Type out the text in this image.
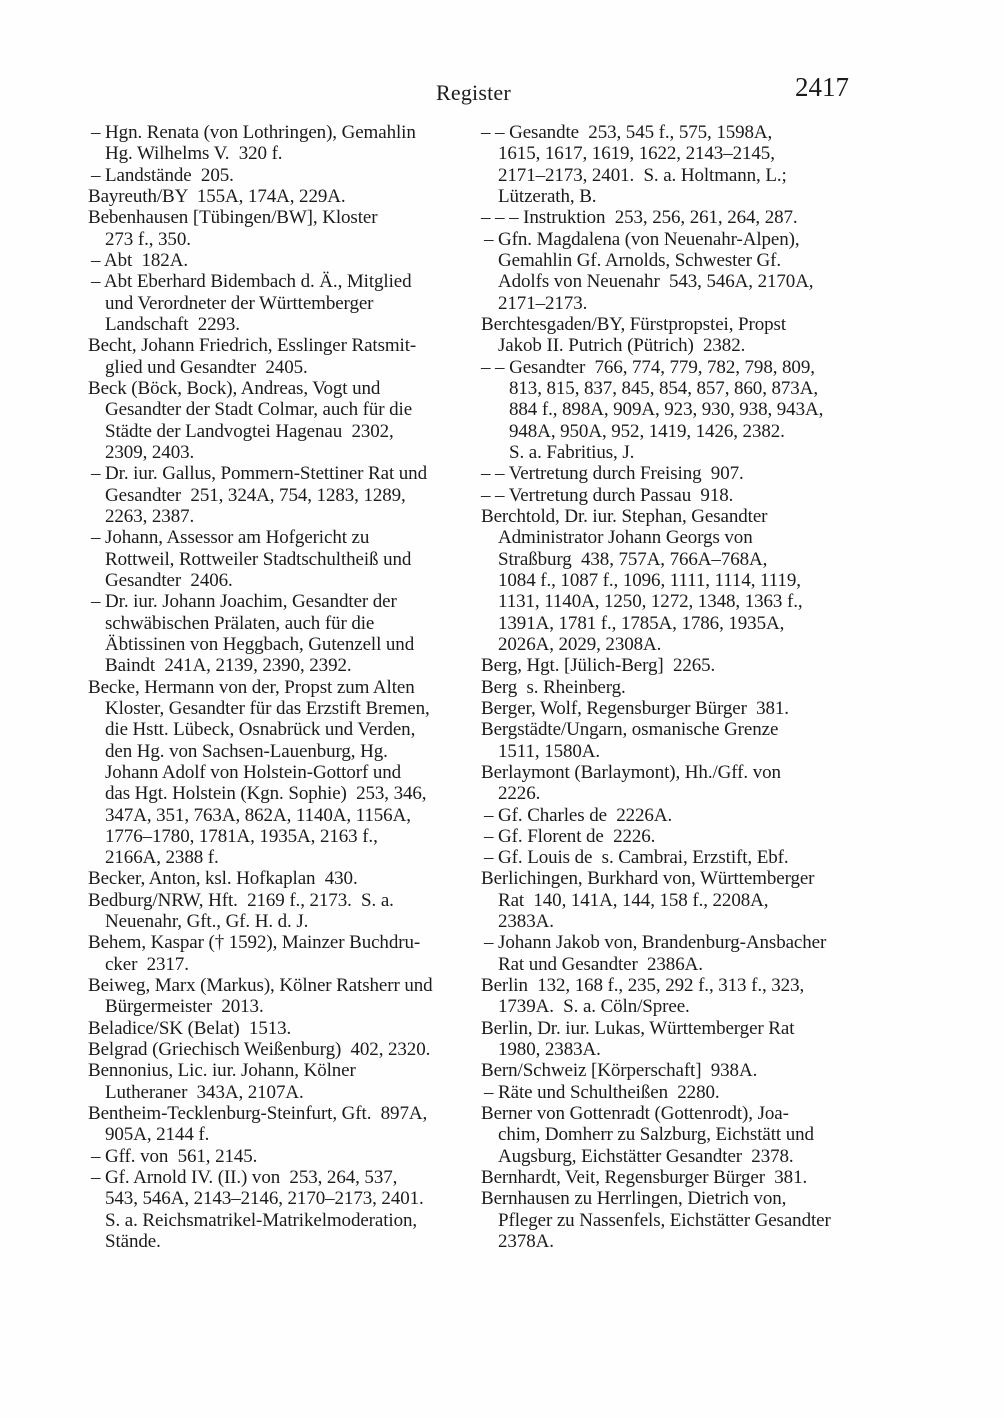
Register	2417
– Hgn. Renata (von Lothringen), Gemahlin
Hg. Wilhelms V.  320 f.
– Landstände  205.
Bayreuth/BY  155A, 174A, 229A.
Bebenhausen [Tübingen/BW], Kloster
273 f., 350.
– Abt  182A.
– Abt Eberhard Bidembach d. Ä., Mitglied
und Verordneter der Württemberger
Landschaft  2293.
Becht, Johann Friedrich, Esslinger Ratsmit-
glied und Gesandter  2405.
Beck (Böck, Bock), Andreas, Vogt und
Gesandter der Stadt Colmar, auch für die
Städte der Landvogtei Hagenau  2302,
2309, 2403.
– Dr. iur. Gallus, Pommern-Stettiner Rat und
Gesandter  251, 324A, 754, 1283, 1289,
2263, 2387.
– Johann, Assessor am Hofgericht zu
Rottweil, Rottweiler Stadtschultheiß und
Gesandter  2406.
– Dr. iur. Johann Joachim, Gesandter der
schwäbischen Prälaten, auch für die
Äbtissinen von Heggbach, Gutenzell und
Baindt  241A, 2139, 2390, 2392.
Becke, Hermann von der, Propst zum Alten
Kloster, Gesandter für das Erzstift Bremen,
die Hstt. Lübeck, Osnabrück und Verden,
den Hg. von Sachsen-Lauenburg, Hg.
Johann Adolf von Holstein-Gottorf und
das Hgt. Holstein (Kgn. Sophie)  253, 346,
347A, 351, 763A, 862A, 1140A, 1156A,
1776–1780, 1781A, 1935A, 2163 f.,
2166A, 2388 f.
Becker, Anton, ksl. Hofkaplan  430.
Bedburg/NRW, Hft.  2169 f., 2173.  S. a.
Neuenahr, Gft., Gf. H. d. J.
Behem, Kaspar († 1592), Mainzer Buchdru-
cker  2317.
Beiweg, Marx (Markus), Kölner Ratsherr und
Bürgermeister  2013.
Beladice/SK (Belat)  1513.
Belgrad (Griechisch Weißenburg)  402, 2320.
Bennonius, Lic. iur. Johann, Kölner
Lutheraner  343A, 2107A.
Bentheim-Tecklenburg-Steinfurt, Gft.  897A,
905A, 2144 f.
– Gff. von  561, 2145.
– Gf. Arnold IV. (II.) von  253, 264, 537,
543, 546A, 2143–2146, 2170–2173, 2401.
S. a. Reichsmatrikel-Matrikelmoderation,
Stände.
– – Gesandte  253, 545 f., 575, 1598A,
1615, 1617, 1619, 1622, 2143–2145,
2171–2173, 2401.  S. a. Holtmann, L.;
Lützerath, B.
– – – Instruktion  253, 256, 261, 264, 287.
– Gfn. Magdalena (von Neuenahr-Alpen),
Gemahlin Gf. Arnolds, Schwester Gf.
Adolfs von Neuenahr  543, 546A, 2170A,
2171–2173.
Berchtesgaden/BY, Fürstpropstei, Propst
Jakob II. Putrich (Pütrich)  2382.
– – Gesandter  766, 774, 779, 782, 798, 809,
813, 815, 837, 845, 854, 857, 860, 873A,
884 f., 898A, 909A, 923, 930, 938, 943A,
948A, 950A, 952, 1419, 1426, 2382.
S. a. Fabritius, J.
– – Vertretung durch Freising  907.
– – Vertretung durch Passau  918.
Berchtold, Dr. iur. Stephan, Gesandter
Administrator Johann Georgs von
Straßburg  438, 757A, 766A–768A,
1084 f., 1087 f., 1096, 1111, 1114, 1119,
1131, 1140A, 1250, 1272, 1348, 1363 f.,
1391A, 1781 f., 1785A, 1786, 1935A,
2026A, 2029, 2308A.
Berg, Hgt. [Jülich-Berg]  2265.
Berg  s. Rheinberg.
Berger, Wolf, Regensburger Bürger  381.
Bergstädte/Ungarn, osmanische Grenze
1511, 1580A.
Berlaymont (Barlaymont), Hh./Gff. von
2226.
– Gf. Charles de  2226A.
– Gf. Florent de  2226.
– Gf. Louis de  s. Cambrai, Erzstift, Ebf.
Berlichingen, Burkhard von, Württemberger
Rat  140, 141A, 144, 158 f., 2208A,
2383A.
– Johann Jakob von, Brandenburg-Ansbacher
Rat und Gesandter  2386A.
Berlin  132, 168 f., 235, 292 f., 313 f., 323,
1739A.  S. a. Cöln/Spree.
Berlin, Dr. iur. Lukas, Württemberger Rat
1980, 2383A.
Bern/Schweiz [Körperschaft]  938A.
– Räte und Schultheißen  2280.
Berner von Gottenradt (Gottenrodt), Joa-
chim, Domherr zu Salzburg, Eichstätt und
Augsburg, Eichstätter Gesandter  2378.
Bernhardt, Veit, Regensburger Bürger  381.
Bernhausen zu Herrlingen, Dietrich von,
Pfleger zu Nassenfels, Eichstätter Gesandter
2378A.
